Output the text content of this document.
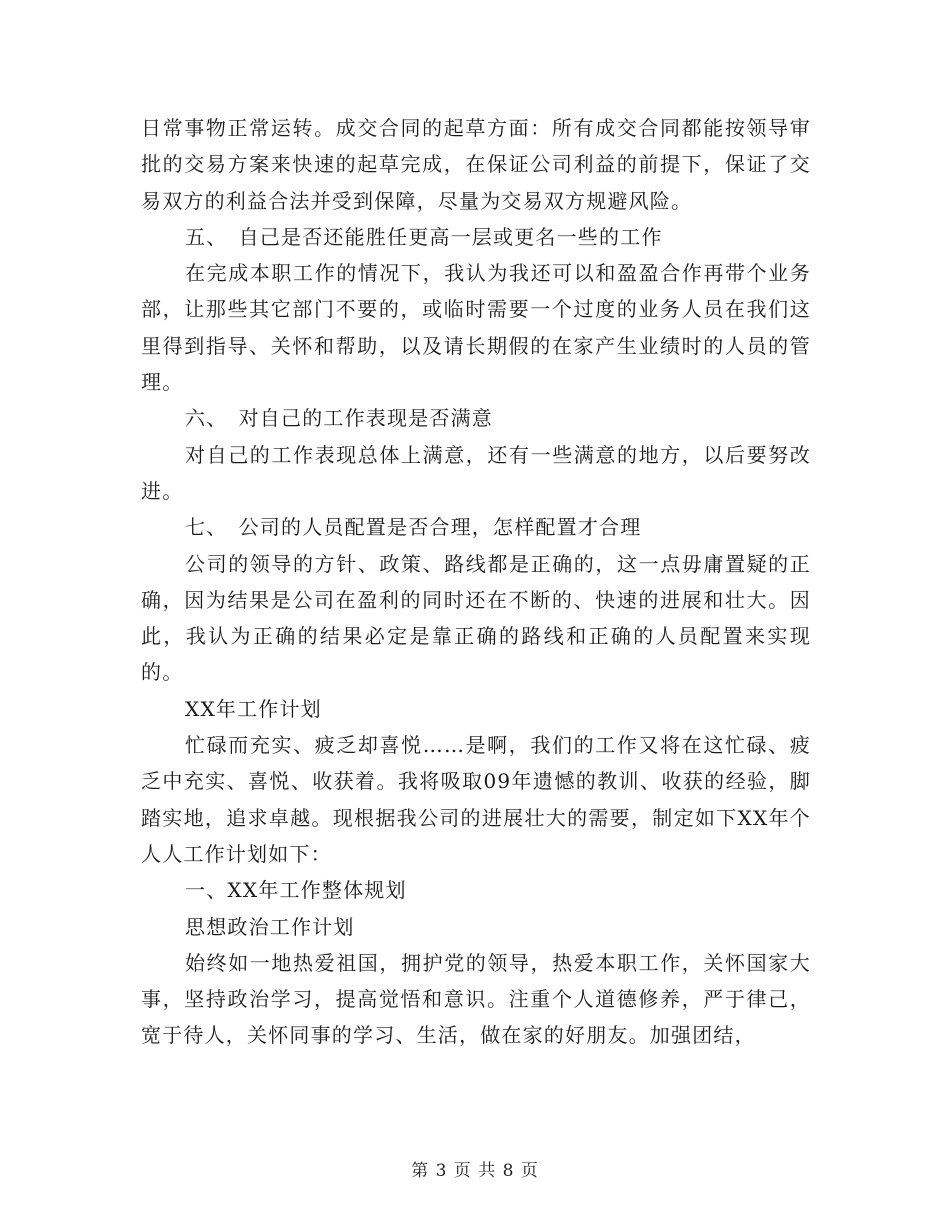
日常事物正常运转。成交合同的起草方面：所有成交合同都能按领导审批的交易方案来快速的起草完成，在保证公司利益的前提下，保证了交易双方的利益合法并受到保障，尽量为交易双方规避风险。

五、　自己是否还能胜任更高一层或更名一些的工作

在完成本职工作的情况下，我认为我还可以和盈盈合作再带个业务部，让那些其它部门不要的，或临时需要一个过度的业务人员在我们这里得到指导、关怀和帮助，以及请长期假的在家产生业绩时的人员的管理。

六、　对自己的工作表现是否满意

对自己的工作表现总体上满意，还有一些满意的地方，以后要努改进。

七、　公司的人员配置是否合理，怎样配置才合理

公司的领导的方针、政策、路线都是正确的，这一点毋庸置疑的正确，因为结果是公司在盈利的同时还在不断的、快速的进展和壮大。因此，我认为正确的结果必定是靠正确的路线和正确的人员配置来实现的。

XX年工作计划

忙碌而充实、疲乏却喜悦……是啊，我们的工作又将在这忙碌、疲乏中充实、喜悦、收获着。我将吸取09年遗憾的教训、收获的经验，脚踏实地，追求卓越。现根据我公司的进展壮大的需要，制定如下XX年个人人工作计划如下：

一、XX年工作整体规划

思想政治工作计划

始终如一地热爱祖国，拥护党的领导，热爱本职工作，关怀国家大事，坚持政治学习，提高觉悟和意识。注重个人道德修养，严于律己，宽于待人，关怀同事的学习、生活，做在家的好朋友。加强团结，

第 3 页 共 8 页
